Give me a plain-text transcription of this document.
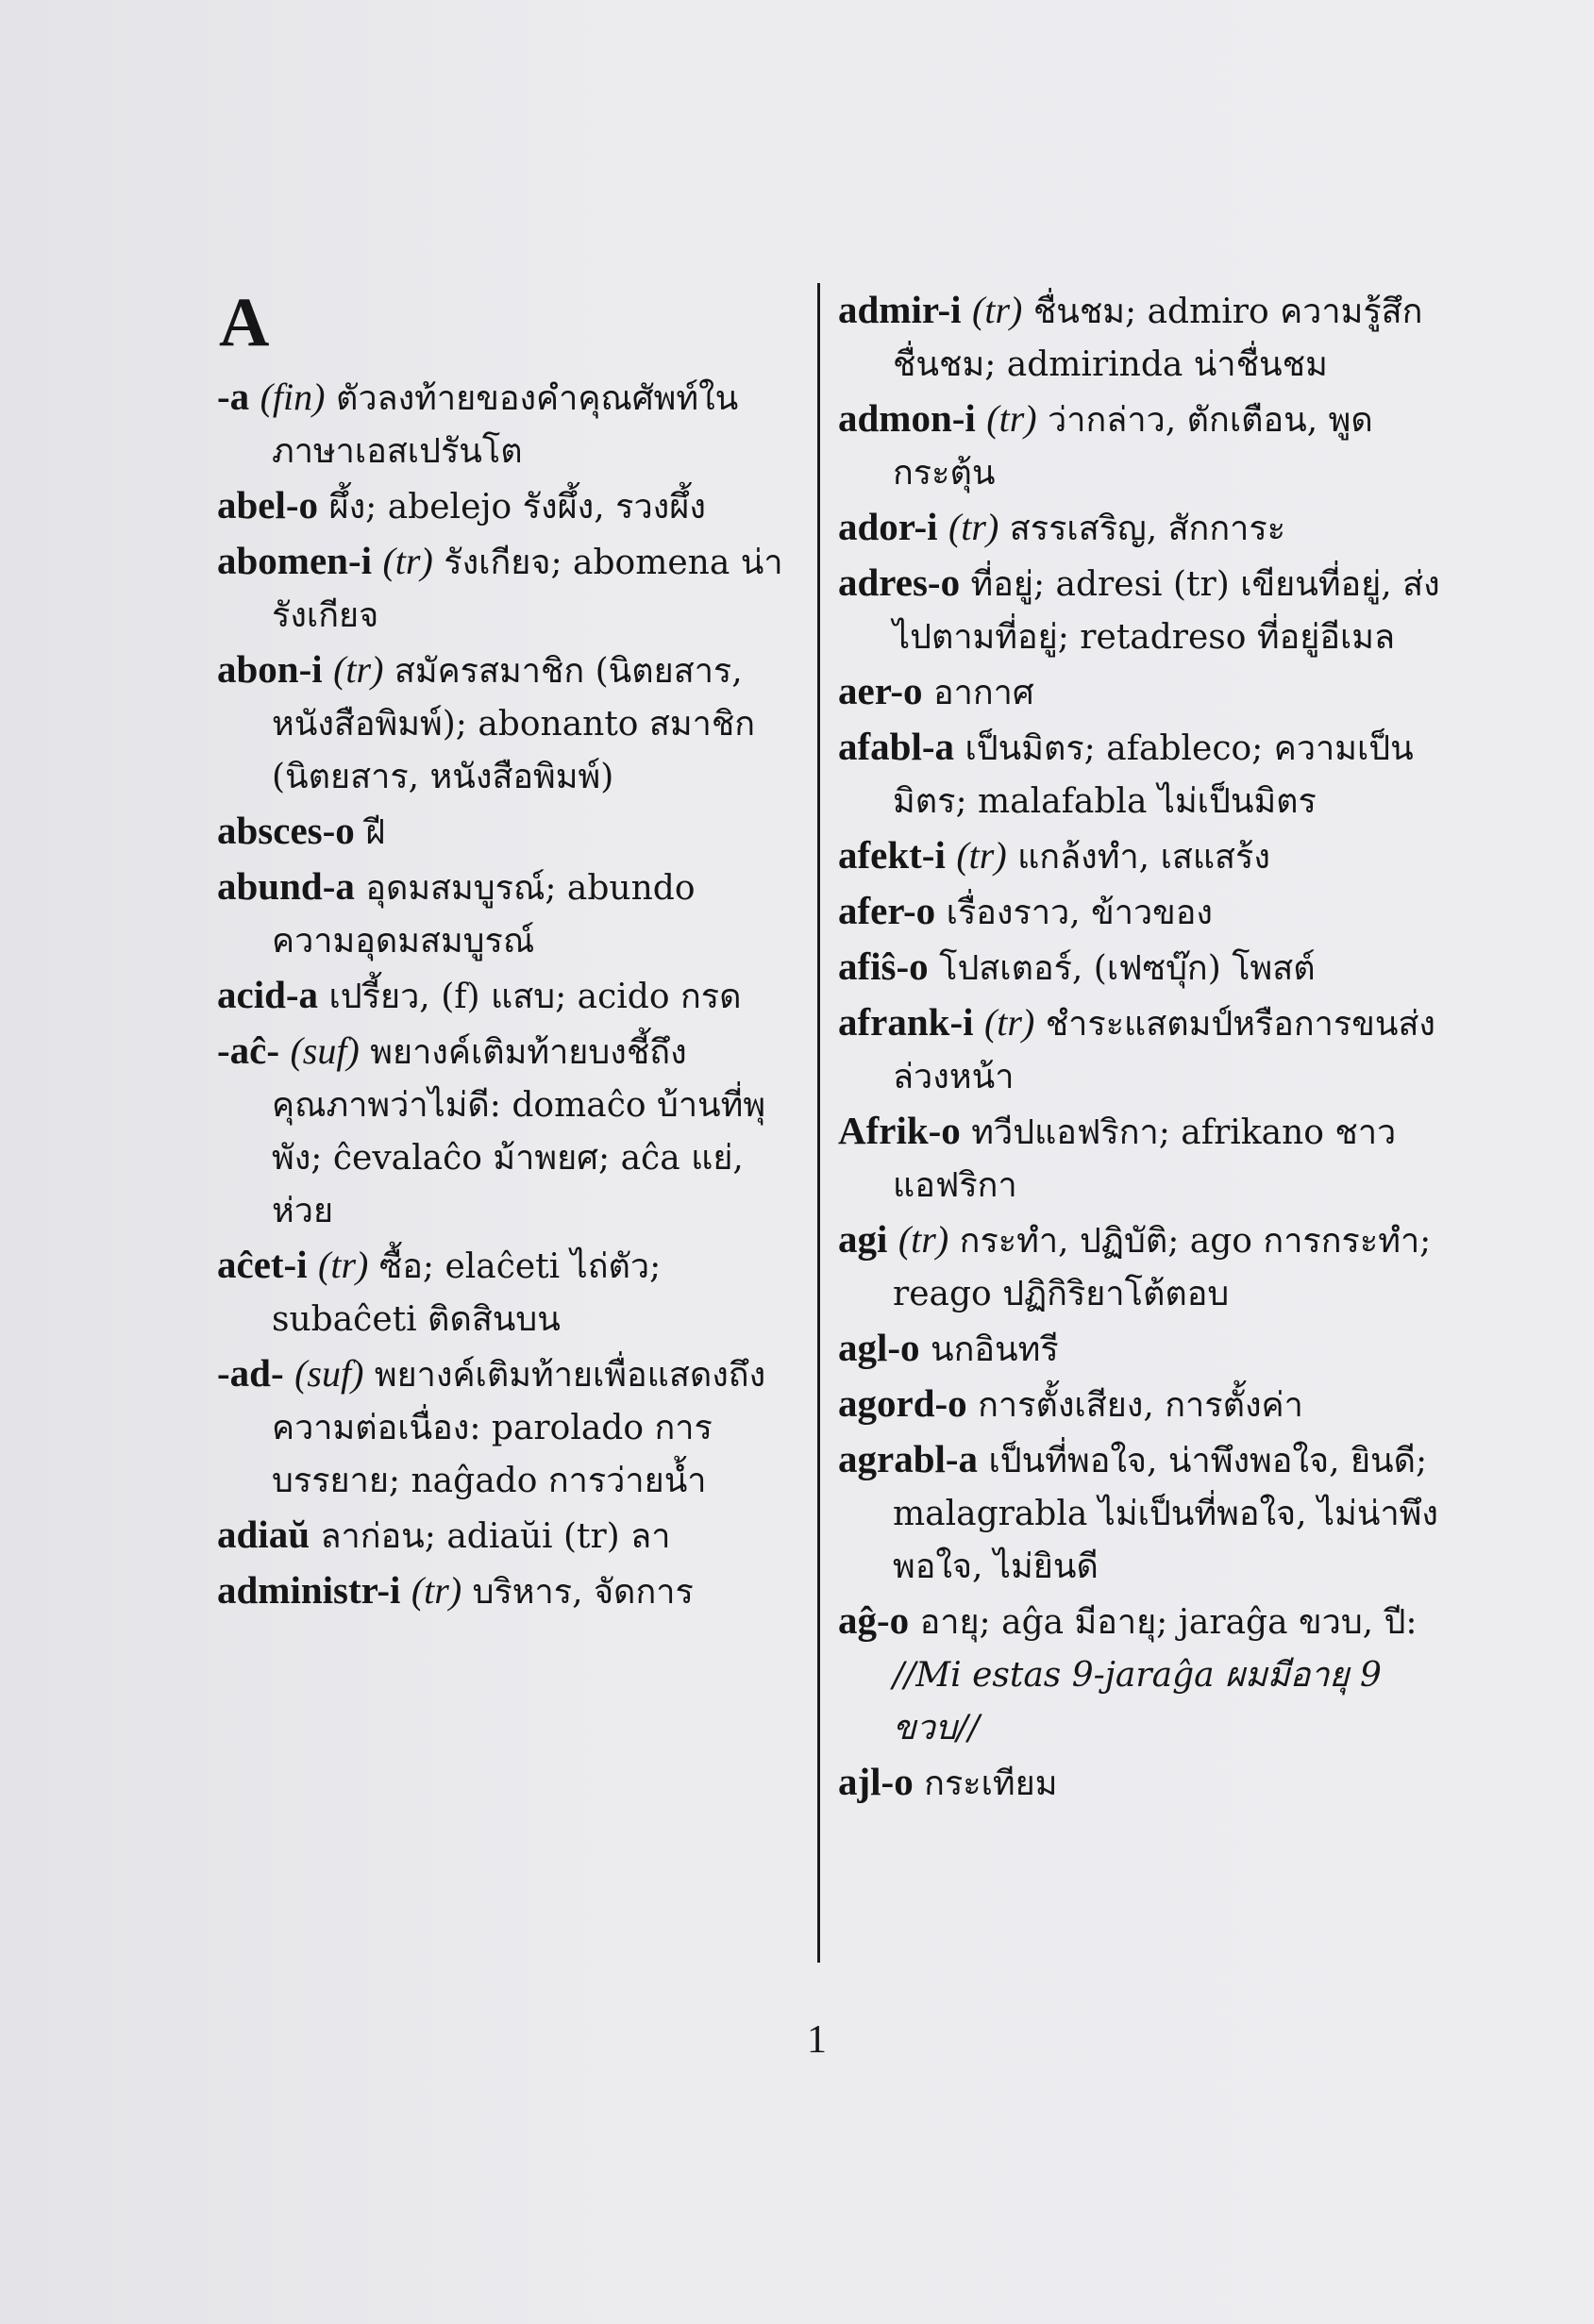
A

-a (fin) ตัวลงท้ายของคำคุณศัพท์ในภาษาเอสเปรันโต

abel-o ผึ้ง; abelejo รังผึ้ง, รวงผึ้ง

abomen-i (tr) รังเกียจ; abomena น่ารังเกียจ

abon-i (tr) สมัครสมาชิก (นิตยสาร, หนังสือพิมพ์); abonanto สมาชิก (นิตยสาร, หนังสือพิมพ์)

absces-o ฝี

abund-a อุดมสมบูรณ์; abundo ความอุดมสมบูรณ์

acid-a เปรี้ยว, (f) แสบ; acido กรด

-aĉ- (suf) พยางค์เติมท้ายบงชี้ถึงคุณภาพว่าไม่ดี: domaĉo บ้านที่พุพัง; ĉevalaĉo ม้าพยศ; aĉa แย่, ห่วย

aĉet-i (tr) ซื้อ; elaĉeti ไถ่ตัว; subaĉeti ติดสินบน

-ad- (suf) พยางค์เติมท้ายเพื่อแสดงถึงความต่อเนื่อง: parolado การบรรยาย; naĝado การว่ายน้ำ

adiaŭ ลาก่อน; adiaŭi (tr) ลา

administr-i (tr) บริหาร, จัดการ

admir-i (tr) ชื่นชม; admiro ความรู้สึกชื่นชม; admirinda น่าชื่นชม

admon-i (tr) ว่ากล่าว, ตักเตือน, พูดกระตุ้น

ador-i (tr) สรรเสริญ, สักการะ

adres-o ที่อยู่; adresi (tr) เขียนที่อยู่, ส่งไปตามที่อยู่; retadreso ที่อยู่อีเมล

aer-o อากาศ

afabl-a เป็นมิตร; afableco; ความเป็นมิตร; malafabla ไม่เป็นมิตร

afekt-i (tr) แกล้งทำ, เสแสร้ง

afer-o เรื่องราว, ข้าวของ

afiŝ-o โปสเตอร์, (เฟซบุ๊ก) โพสต์

afrank-i (tr) ชำระแสตมป์หรือการขนส่งล่วงหน้า

Afrik-o ทวีปแอฟริกา; afrikano ชาวแอฟริกา

agi (tr) กระทำ, ปฏิบัติ; ago การกระทำ; reago ปฏิกิริยาโต้ตอบ

agl-o นกอินทรี

agord-o การตั้งเสียง, การตั้งค่า

agrabl-a เป็นที่พอใจ, น่าพึงพอใจ, ยินดี; malagrabla ไม่เป็นที่พอใจ, ไม่น่าพึงพอใจ, ไม่ยินดี

aĝ-o อายุ; aĝa มีอายุ; jaraĝa ขวบ, ปี: //Mi estas 9-jaraĝa ผมมีอายุ 9 ขวบ//

ajl-o กระเทียม

1
